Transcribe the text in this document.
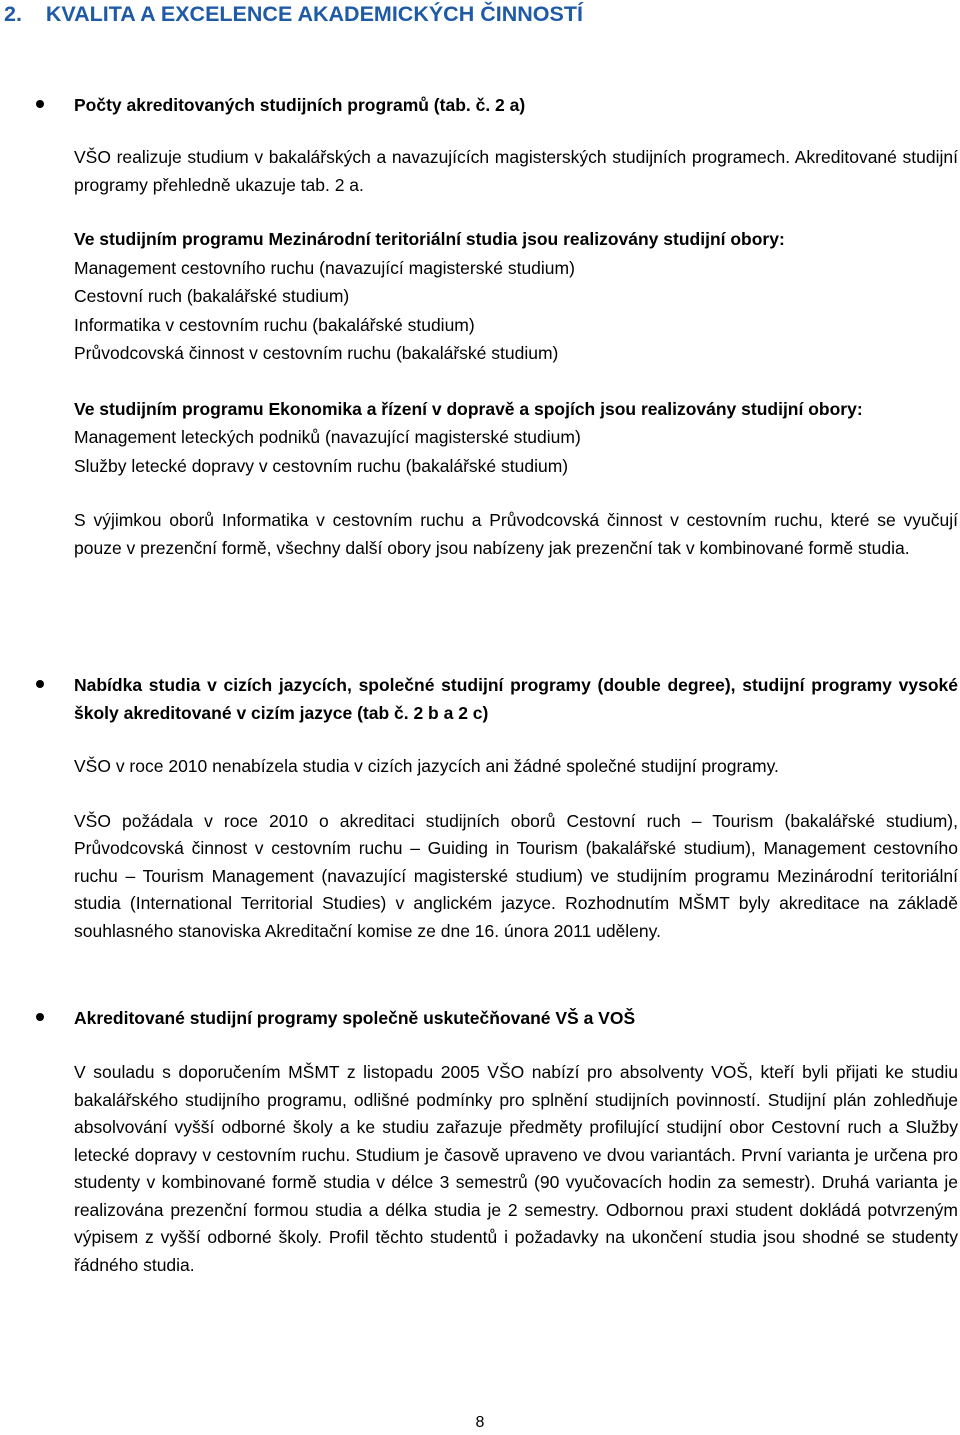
2.    KVALITA A EXCELENCE AKADEMICKÝCH ČINNOSTÍ
Počty akreditovaných studijních programů (tab. č. 2 a)

VŠO realizuje studium v bakalářských a navazujících magisterských studijních programech. Akreditované studijní programy přehledně ukazuje tab. 2 a.

Ve studijním programu Mezinárodní teritoriální studia jsou realizovány studijní obory:
Management cestovního ruchu (navazující magisterské studium)
Cestovní ruch (bakalářské studium)
Informatika v cestovním ruchu (bakalářské studium)
Průvodcovská činnost v cestovním ruchu (bakalářské studium)

Ve studijním programu Ekonomika a řízení v dopravě a spojích jsou realizovány studijní obory:

Management leteckých podniků (navazující magisterské studium)
Služby letecké dopravy v cestovním ruchu (bakalářské studium)

S výjimkou oborů Informatika v cestovním ruchu a Průvodcovská činnost v cestovním ruchu, které se vyučují pouze v prezenční formě, všechny další obory jsou nabízeny jak prezenční tak v kombinované formě studia.

Nabídka studia v cizích jazycích, společné studijní programy (double degree), studijní programy vysoké školy akreditované v cizím jazyce (tab č. 2 b a 2 c)

VŠO v roce 2010 nenabízela studia v cizích jazycích ani žádné společné studijní programy.

VŠO požádala v roce 2010 o akreditaci studijních oborů Cestovní ruch – Tourism (bakalářské studium), Průvodcovská činnost v cestovním ruchu – Guiding in Tourism (bakalářské studium), Management cestovního ruchu – Tourism Management (navazující magisterské studium) ve studijním programu Mezinárodní teritoriální studia (International Territorial Studies) v anglickém jazyce. Rozhodnutím MŠMT byly akreditace na základě souhlasného stanoviska Akreditační komise ze dne 16. února 2011 uděleny.

Akreditované studijní programy společně uskutečňované VŠ a VOŠ

V souladu s doporučením MŠMT z listopadu 2005 VŠO nabízí pro absolventy VOŠ, kteří byli přijati ke studiu bakalářského studijního programu, odlišné podmínky pro splnění studijních povinností. Studijní plán zohledňuje absolvování vyšší odborné školy a ke studiu zařazuje předměty profilující studijní obor Cestovní ruch a Služby letecké dopravy v cestovním ruchu. Studium je časově upraveno ve dvou variantách. První varianta je určena pro studenty v kombinované formě studia v délce 3 semestrů (90 vyučovacích hodin za semestr). Druhá varianta je realizována prezenční formou studia a délka studia je 2 semestry. Odbornou praxi student dokládá potvrzeným výpisem z vyšší odborné školy. Profil těchto studentů i požadavky na ukončení studia jsou shodné se studenty řádného studia.

8
